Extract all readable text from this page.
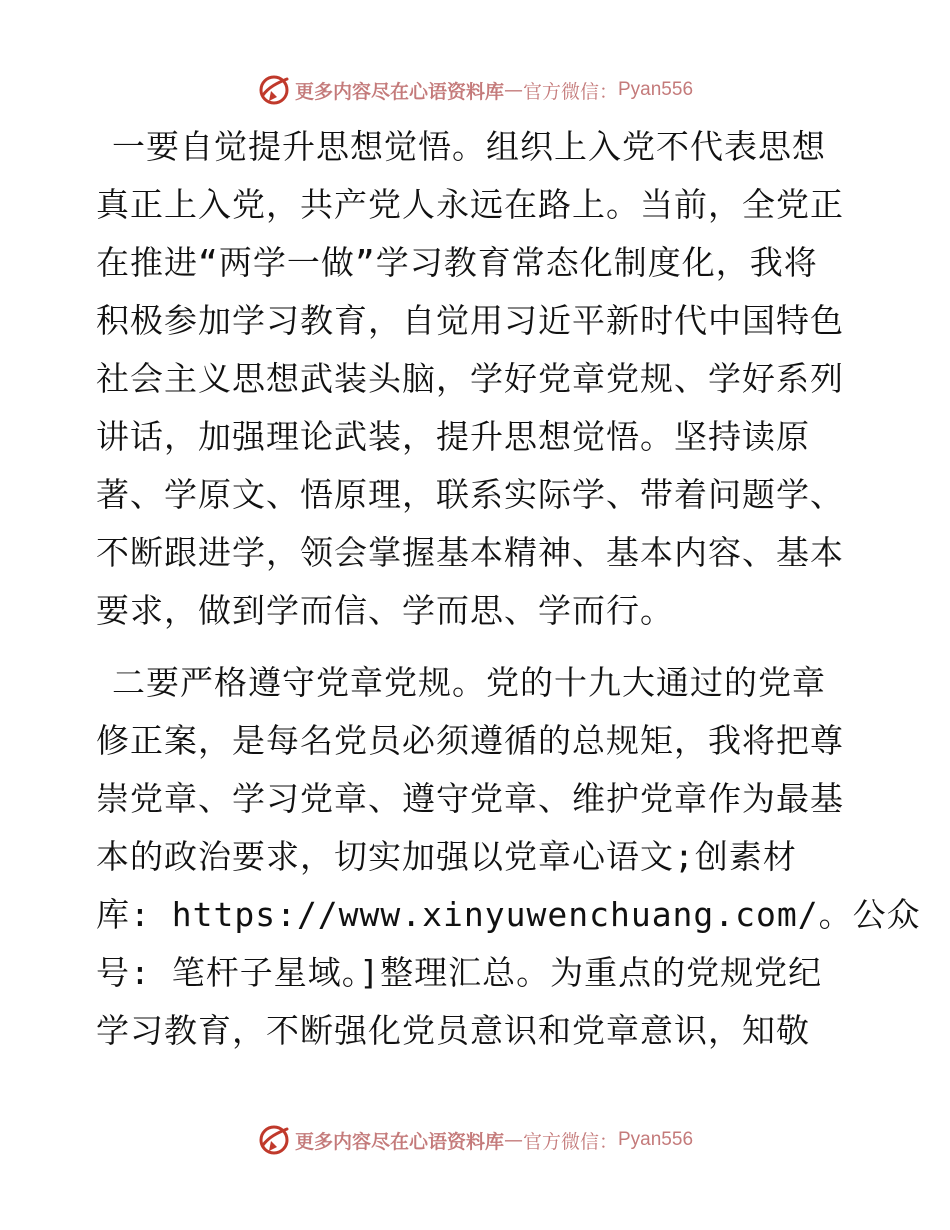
更多内容尽在心语资料库 — 官方微信： Pyan556

一要自觉提升思想觉悟。组织上入党不代表思想
真正上入党，共产党人永远在路上。当前，全党正
在推进“两学一做”学习教育常态化制度化，我将
积极参加学习教育，自觉用习近平新时代中国特色
社会主义思想武装头脑，学好党章党规、学好系列
讲话，加强理论武装，提升思想觉悟。坚持读原
著、学原文、悟原理，联系实际学、带着问题学、
不断跟进学，领会掌握基本精神、基本内容、基本
要求，做到学而信、学而思、学而行。

二要严格遵守党章党规。党的十九大通过的党章
修正案，是每名党员必须遵循的总规矩，我将把尊
崇党章、学习党章、遵守党章、维护党章作为最基
本的政治要求，切实加强以党章心语文;创素材
库: https://www.xinyuwenchuang.com/。公众
号: 笔杆子星域。]整理汇总。为重点的党规党纪
学习教育，不断强化党员意识和党章意识，知敬

更多内容尽在心语资料库 — 官方微信： Pyan556
